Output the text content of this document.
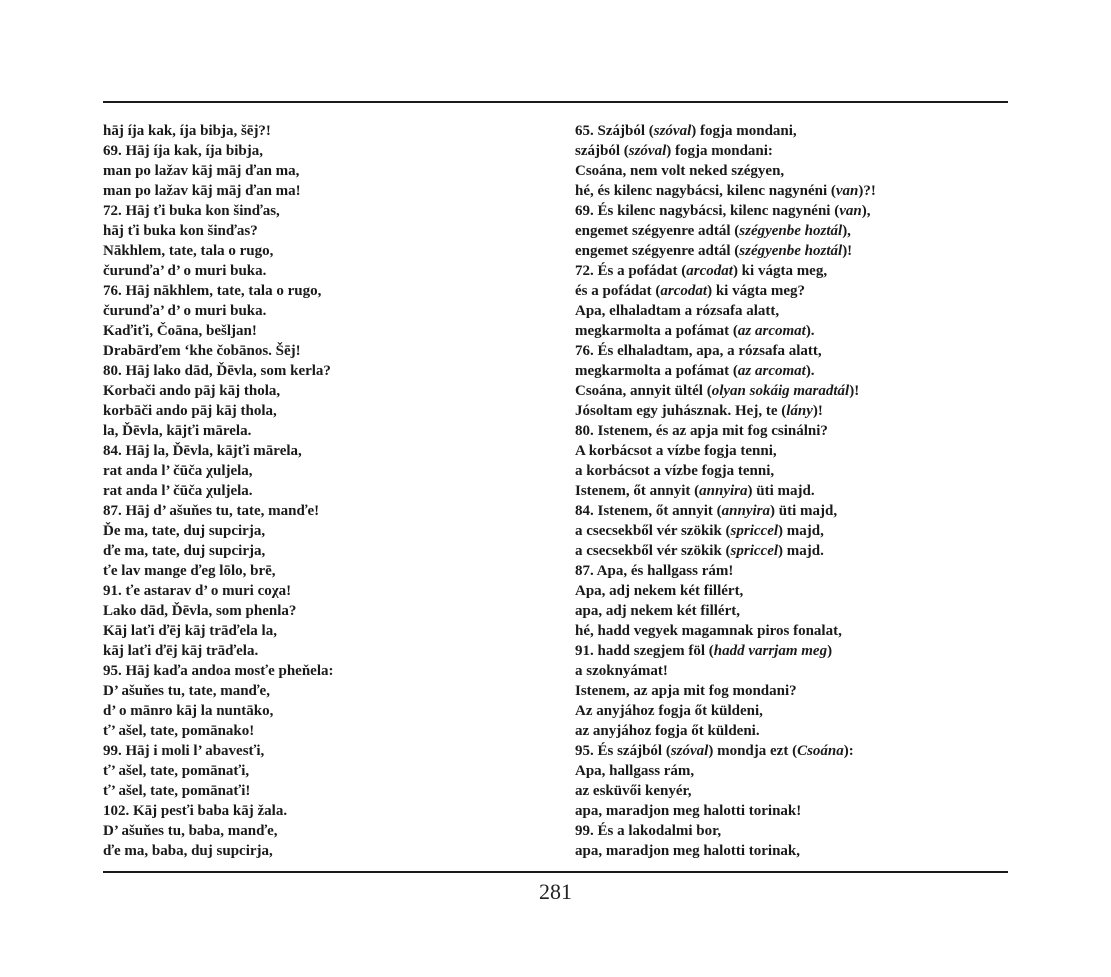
hāj íja kak, íja bibja, šēj?!
69. Hāj íja kak, íja bibja,
man po lažav kāj māj ďan ma,
man po lažav kāj māj ďan ma!
72. Hāj ťi buka kon šinďas,
hāj ťi buka kon šinďas?
Nākhlem, tate, tala o rugo,
čurunďa’ d’ o muri buka.
76. Hāj nākhlem, tate, tala o rugo,
čurunďa’ d’ o muri buka.
Kaďiťi, Čoāna, bešljan!
Drabārďem ‘khe čobānos. Šēj!
80. Hāj lako dād, Ďēvla, som kerla?
Korbači ando pāj kāj thola,
korbāči ando pāj kāj thola,
la, Ďēvla, kājťi mārela.
84. Hāj la, Ďēvla, kājťi mārela,
rat anda l’ čūča χuljela,
rat anda l’ čūča χuljela.
87. Hāj d’ ašuňes tu, tate, manďe!
Ďe ma, tate, duj supcirja,
ďe ma, tate, duj supcirja,
ťe lav mange ďeg lōlo, brē,
91. ťe astarav d’ o muri coχa!
Lako dād, Ďēvla, som phenla?
Kāj laťi ďēj kāj trāďela la,
kāj laťi ďēj kāj trāďela.
95. Hāj kaďa andoa mosťe pheňela:
D’ ašuňes tu, tate, manďe,
d’ o mānro kāj la nuntāko,
ť’ ašel, tate, pomānako!
99. Hāj i moli l’ abavesťi,
ť’ ašel, tate, pomānaťi,
ť’ ašel, tate, pomānaťi!
102. Kāj pesťi baba kāj žala.
D’ ašuňes tu, baba, manďe,
ďe ma, baba, duj supcirja,
65. Szájból (szóval) fogja mondani,
szájból (szóval) fogja mondani:
Csoána, nem volt neked szégyen,
hé, és kilenc nagybácsi, kilenc nagynéni (van)?!
69. És kilenc nagybácsi, kilenc nagynéni (van),
engemet szégyenre adtál (szégyenbe hoztál),
engemet szégyenre adtál (szégyenbe hoztál)!
72. És a pofádat (arcodat) ki vágta meg,
és a pofádat (arcodat) ki vágta meg?
Apa, elhaladtam a rózsafa alatt,
megkarmolta a pofámat (az arcomat).
76. És elhaladtam, apa, a rózsafa alatt,
megkarmolta a pofámat (az arcomat).
Csoána, annyit ültél (olyan sokáig maradtál)!
Jósoltam egy juhásznak. Hej, te (lány)!
80. Istenem, és az apja mit fog csinálni?
A korbácsot a vízbe fogja tenni,
a korbácsot a vízbe fogja tenni,
Istenem, őt annyit (annyira) üti majd.
84. Istenem, őt annyit (annyira) üti majd,
a csecsekből vér szökik (spriccel) majd,
a csecsekből vér szökik (spriccel) majd.
87. Apa, és hallgass rám!
Apa, adj nekem két fillért,
apa, adj nekem két fillért,
hé, hadd vegyek magamnak piros fonalat,
91. hadd szegjem föl (hadd varrjam meg)
a szoknyámat!
Istenem, az apja mit fog mondani?
Az anyjához fogja őt küldeni,
az anyjához fogja őt küldeni.
95. És szájból (szóval) mondja ezt (Csoána):
Apa, hallgass rám,
az esküvői kenyér,
apa, maradjon meg halotti torinak!
99. És a lakodalmi bor,
apa, maradjon meg halotti torinak,
281
